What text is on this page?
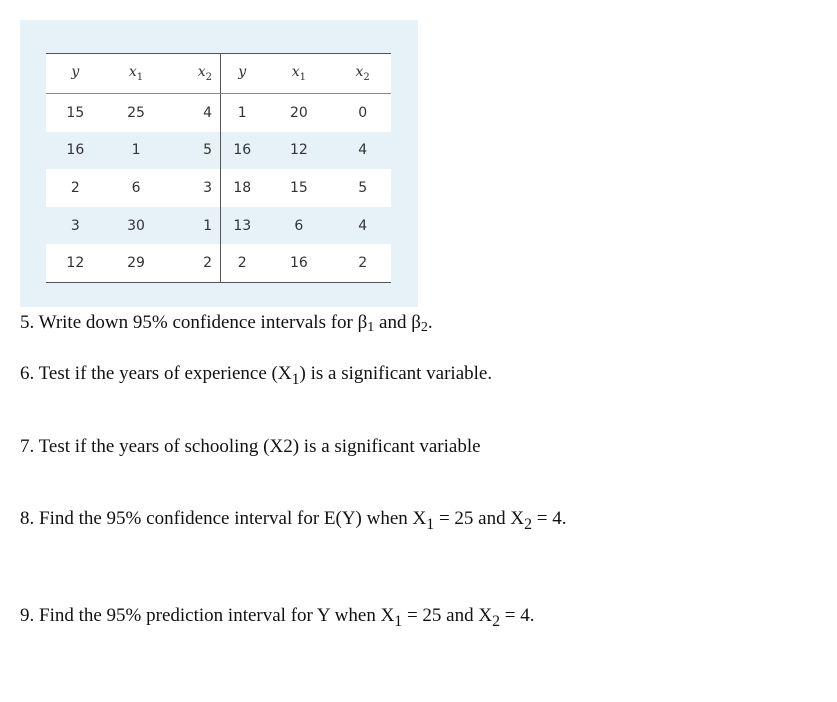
y	$x_1$	$x_2$	y	$x_1$	$x_2$
15	25	4	1	20	0
16	1	5	16	12	4
2	6	3	18	15	5
3	30	1	13	6	4
12	29	2	2	16	2
5. Write down 95% confidence intervals for β1 and β2.
6. Test if the years of experience $(X_1)$ is a significant variable.
7. Test if the years of schooling (X2) is a significant variable
8. Find the 95% confidence interval for E(Y) when $X_1 = 25$ and $X_2 = 4$.
9. Find the 95% prediction interval for Y when $X_1 = 25$ and $X_2 = 4$.
